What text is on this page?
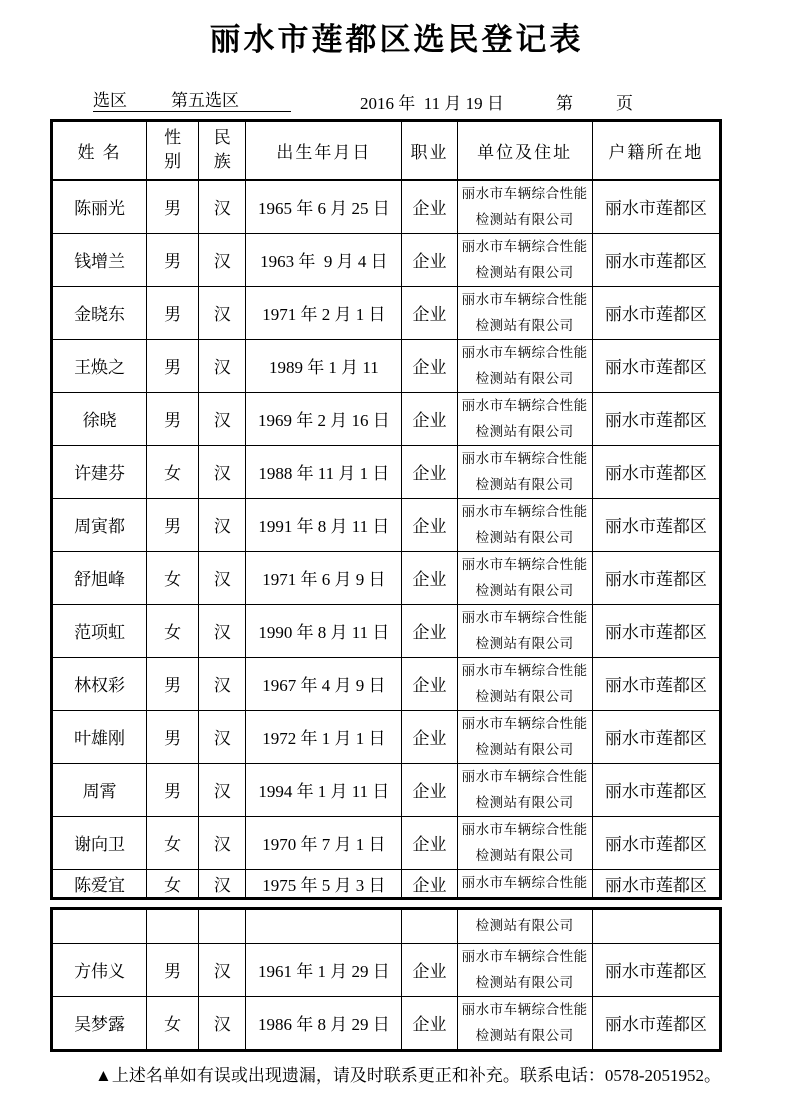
丽水市莲都区选民登记表
选区	第五选区	2016 年  11 月 19 日	第	页
姓 名	性别	民族	出生年月日	职业	单位及住址	户籍所在地
陈丽光	男	汉	1965 年 6 月 25 日	企业	丽水市车辆综合性能
检测站有限公司	丽水市莲都区
钱增兰	男	汉	1963 年  9 月 4 日	企业	丽水市车辆综合性能
检测站有限公司	丽水市莲都区
金晓东	男	汉	1971 年 2 月 1 日	企业	丽水市车辆综合性能
检测站有限公司	丽水市莲都区
王焕之	男	汉	1989 年 1 月 11	企业	丽水市车辆综合性能
检测站有限公司	丽水市莲都区
徐晓	男	汉	1969 年 2 月 16 日	企业	丽水市车辆综合性能
检测站有限公司	丽水市莲都区
许建芬	女	汉	1988 年 11 月 1 日	企业	丽水市车辆综合性能
检测站有限公司	丽水市莲都区
周寅都	男	汉	1991 年 8 月 11 日	企业	丽水市车辆综合性能
检测站有限公司	丽水市莲都区
舒旭峰	女	汉	1971 年 6 月 9 日	企业	丽水市车辆综合性能
检测站有限公司	丽水市莲都区
范项虹	女	汉	1990 年 8 月 11 日	企业	丽水市车辆综合性能
检测站有限公司	丽水市莲都区
林权彩	男	汉	1967 年 4 月 9 日	企业	丽水市车辆综合性能
检测站有限公司	丽水市莲都区
叶雄刚	男	汉	1972 年 1 月 1 日	企业	丽水市车辆综合性能
检测站有限公司	丽水市莲都区
周霄	男	汉	1994 年 1 月 11 日	企业	丽水市车辆综合性能
检测站有限公司	丽水市莲都区
谢向卫	女	汉	1970 年 7 月 1 日	企业	丽水市车辆综合性能
检测站有限公司	丽水市莲都区
陈爱宜	女	汉	1975 年 5 月 3 日	企业	丽水市车辆综合性能	丽水市莲都区

					检测站有限公司	

方伟义	男	汉	1961 年 1 月 29 日	企业	丽水市车辆综合性能
检测站有限公司	丽水市莲都区
吴梦露	女	汉	1986 年 8 月 29 日	企业	丽水市车辆综合性能
检测站有限公司	丽水市莲都区
▲上述名单如有误或出现遗漏，请及时联系更正和补充。联系电话：0578-2051952。
